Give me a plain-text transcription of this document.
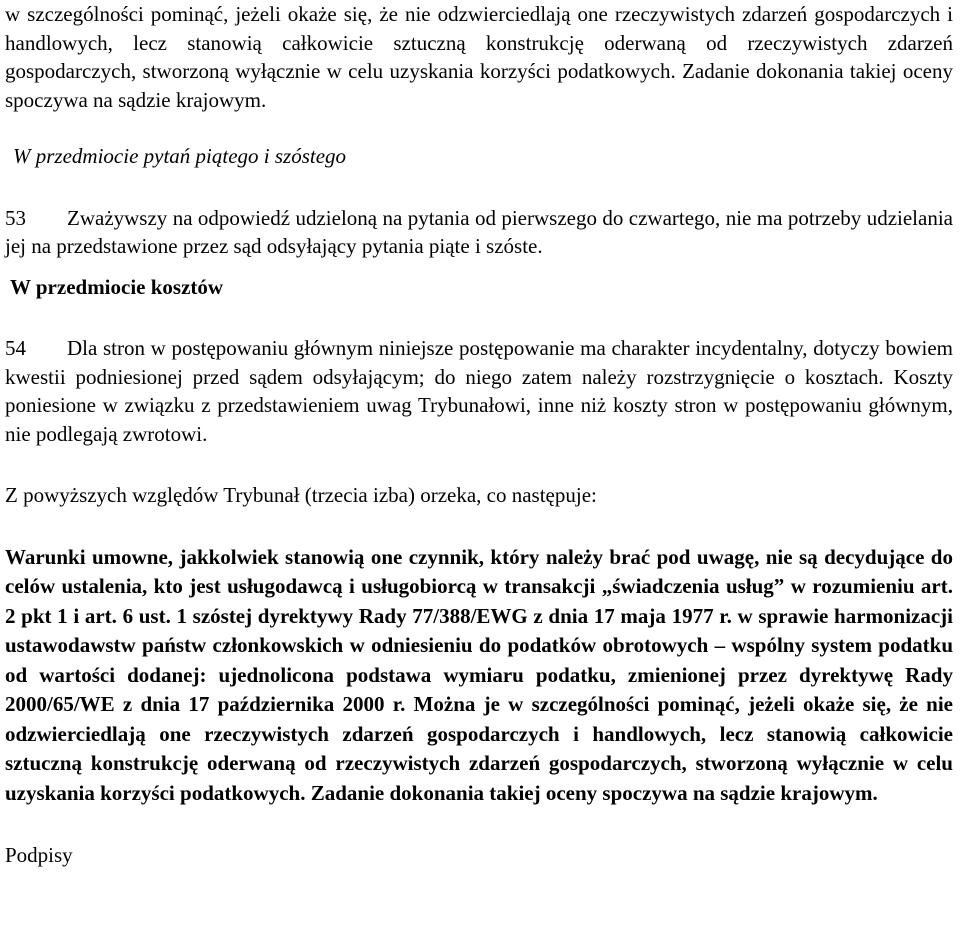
w szczególności pominąć, jeżeli okaże się, że nie odzwierciedlają one rzeczywistych zdarzeń gospodarczych i handlowych, lecz stanowią całkowicie sztuczną konstrukcję oderwaną od rzeczywistych zdarzeń gospodarczych, stworzoną wyłącznie w celu uzyskania korzyści podatkowych. Zadanie dokonania takiej oceny spoczywa na sądzie krajowym.

W przedmiocie pytań piątego i szóstego

53 Zważywszy na odpowiedź udzieloną na pytania od pierwszego do czwartego, nie ma potrzeby udzielania jej na przedstawione przez sąd odsyłający pytania piąte i szóste.

W przedmiocie kosztów

54 Dla stron w postępowaniu głównym niniejsze postępowanie ma charakter incydentalny, dotyczy bowiem kwestii podniesionej przed sądem odsyłającym; do niego zatem należy rozstrzygnięcie o kosztach. Koszty poniesione w związku z przedstawieniem uwag Trybunałowi, inne niż koszty stron w postępowaniu głównym, nie podlegają zwrotowi.

Z powyższych względów Trybunał (trzecia izba) orzeka, co następuje:

Warunki umowne, jakkolwiek stanowią one czynnik, który należy brać pod uwagę, nie są decydujące do celów ustalenia, kto jest usługodawcą i usługobiorcą w transakcji „świadczenia usług” w rozumieniu art. 2 pkt 1 i art. 6 ust. 1 szóstej dyrektywy Rady 77/388/EWG z dnia 17 maja 1977 r. w sprawie harmonizacji ustawodawstw państw członkowskich w odniesieniu do podatków obrotowych – wspólny system podatku od wartości dodanej: ujednolicona podstawa wymiaru podatku, zmienionej przez dyrektywę Rady 2000/65/WE z dnia 17 października 2000 r. Można je w szczególności pominąć, jeżeli okaże się, że nie odzwierciedlają one rzeczywistych zdarzeń gospodarczych i handlowych, lecz stanowią całkowicie sztuczną konstrukcję oderwaną od rzeczywistych zdarzeń gospodarczych, stworzoną wyłącznie w celu uzyskania korzyści podatkowych. Zadanie dokonania takiej oceny spoczywa na sądzie krajowym.

Podpisy
